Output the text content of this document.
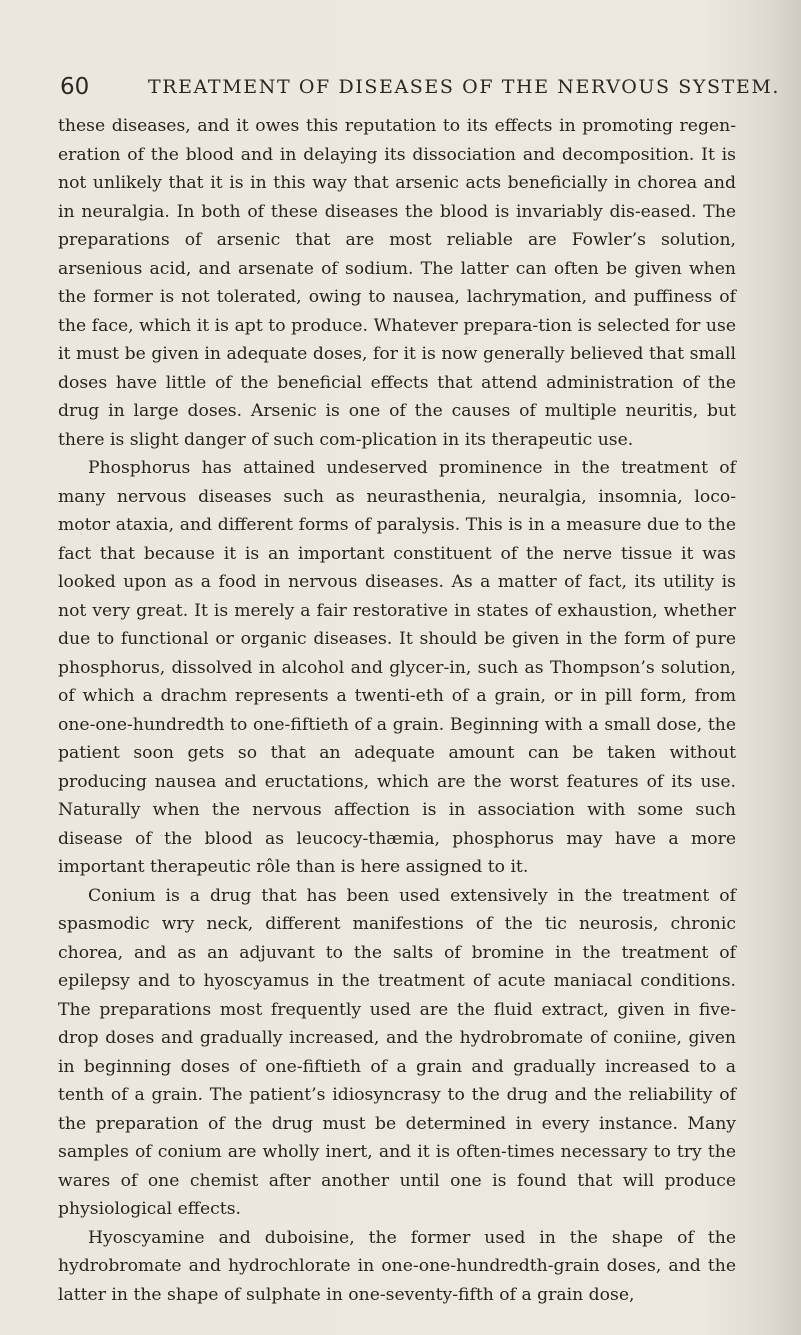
60	TREATMENT OF DISEASES OF THE NERVOUS SYSTEM.

these diseases, and it owes this reputation to its effects in promoting regen-eration of the blood and in delaying its dissociation and decomposition. It is not unlikely that it is in this way that arsenic acts beneficially in chorea and in neuralgia. In both of these diseases the blood is invariably dis-eased. The preparations of arsenic that are most reliable are Fowler’s solution, arsenious acid, and arsenate of sodium. The latter can often be given when the former is not tolerated, owing to nausea, lachrymation, and puffiness of the face, which it is apt to produce. Whatever prepara-tion is selected for use it must be given in adequate doses, for it is now generally believed that small doses have little of the beneficial effects that attend administration of the drug in large doses. Arsenic is one of the causes of multiple neuritis, but there is slight danger of such com-plication in its therapeutic use.

Phosphorus has attained undeserved prominence in the treatment of many nervous diseases such as neurasthenia, neuralgia, insomnia, loco-motor ataxia, and different forms of paralysis. This is in a measure due to the fact that because it is an important constituent of the nerve tissue it was looked upon as a food in nervous diseases. As a matter of fact, its utility is not very great. It is merely a fair restorative in states of exhaustion, whether due to functional or organic diseases. It should be given in the form of pure phosphorus, dissolved in alcohol and glycer-in, such as Thompson’s solution, of which a drachm represents a twenti-eth of a grain, or in pill form, from one-one-hundredth to one-fiftieth of a grain. Beginning with a small dose, the patient soon gets so that an adequate amount can be taken without producing nausea and eructations, which are the worst features of its use. Naturally when the nervous affection is in association with some such disease of the blood as leucocy-thæmia, phosphorus may have a more important therapeutic rôle than is here assigned to it.

Conium is a drug that has been used extensively in the treatment of spasmodic wry neck, different manifestions of the tic neurosis, chronic chorea, and as an adjuvant to the salts of bromine in the treatment of epilepsy and to hyoscyamus in the treatment of acute maniacal conditions. The preparations most frequently used are the fluid extract, given in five-drop doses and gradually increased, and the hydrobromate of coniine, given in beginning doses of one-fiftieth of a grain and gradually increased to a tenth of a grain. The patient’s idiosyncrasy to the drug and the reliability of the preparation of the drug must be determined in every instance. Many samples of conium are wholly inert, and it is often-times necessary to try the wares of one chemist after another until one is found that will produce physiological effects.

Hyoscyamine and duboisine, the former used in the shape of the hydrobromate and hydrochlorate in one-one-hundredth-grain doses, and the latter in the shape of sulphate in one-seventy-fifth of a grain dose,
